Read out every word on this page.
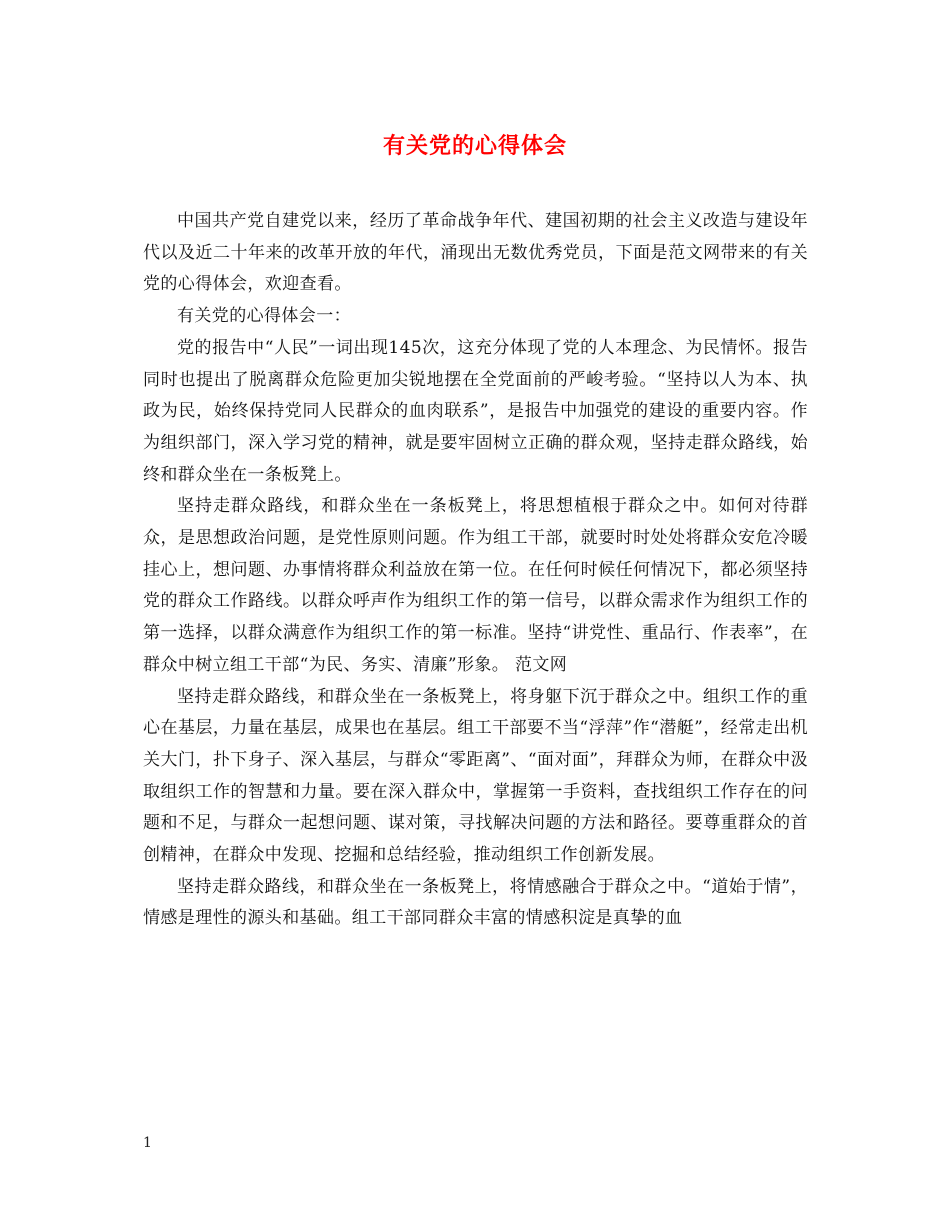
有关党的心得体会

中国共产党自建党以来，经历了革命战争年代、建国初期的社会主义改造与建设年代以及近二十年来的改革开放的年代，涌现出无数优秀党员，下面是范文网带来的有关党的心得体会，欢迎查看。

有关党的心得体会一：

党的报告中“人民”一词出现145次，这充分体现了党的人本理念、为民情怀。报告同时也提出了脱离群众危险更加尖锐地摆在全党面前的严峻考验。“坚持以人为本、执政为民，始终保持党同人民群众的血肉联系”，是报告中加强党的建设的重要内容。作为组织部门，深入学习党的精神，就是要牢固树立正确的群众观，坚持走群众路线，始终和群众坐在一条板凳上。

坚持走群众路线，和群众坐在一条板凳上，将思想植根于群众之中。如何对待群众，是思想政治问题，是党性原则问题。作为组工干部，就要时时处处将群众安危冷暖挂心上，想问题、办事情将群众利益放在第一位。在任何时候任何情况下，都必须坚持党的群众工作路线。以群众呼声作为组织工作的第一信号，以群众需求作为组织工作的第一选择，以群众满意作为组织工作的第一标准。坚持“讲党性、重品行、作表率”，在群众中树立组工干部“为民、务实、清廉”形象。 范文网

坚持走群众路线，和群众坐在一条板凳上，将身躯下沉于群众之中。组织工作的重心在基层，力量在基层，成果也在基层。组工干部要不当“浮萍”作“潜艇”，经常走出机关大门，扑下身子、深入基层，与群众“零距离”、“面对面”，拜群众为师，在群众中汲取组织工作的智慧和力量。要在深入群众中，掌握第一手资料，查找组织工作存在的问题和不足，与群众一起想问题、谋对策，寻找解决问题的方法和路径。要尊重群众的首创精神，在群众中发现、挖掘和总结经验，推动组织工作创新发展。

坚持走群众路线，和群众坐在一条板凳上，将情感融合于群众之中。“道始于情”，情感是理性的源头和基础。组工干部同群众丰富的情感积淀是真挚的血

1
